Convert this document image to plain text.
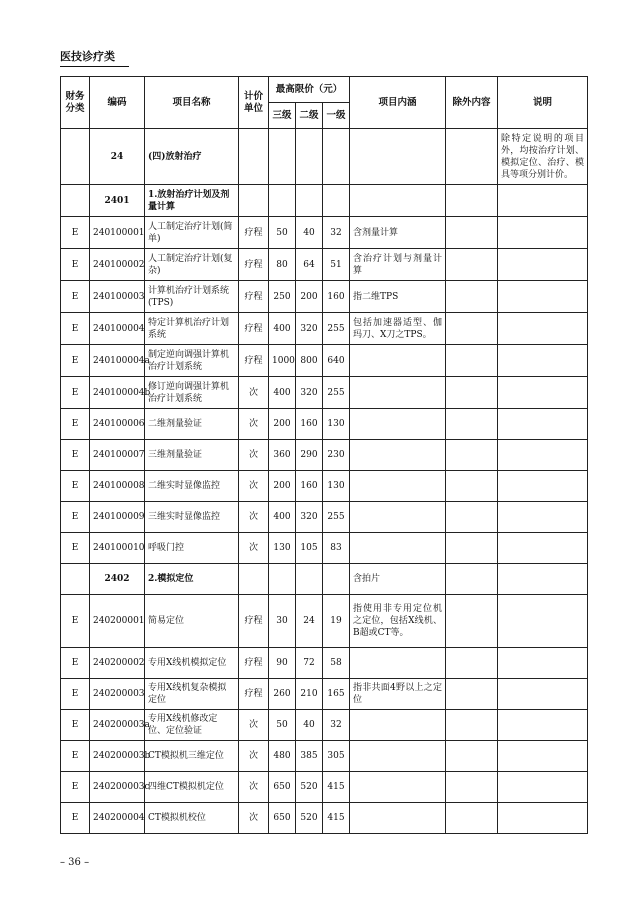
医技诊疗类
财务分类	编码	项目名称	计价单位	最高限价（元）			项目内涵	除外内容	说明
				三级	二级	一级			
	24	(四)放射治疗							除特定说明的项目外，均按治疗计划、模拟定位、治疗、模具等项分别计价。
	2401	1.放射治疗计划及剂量计算							
E	240100001	人工制定治疗计划(简单)	疗程	50	40	32	含剂量计算		
E	240100002	人工制定治疗计划(复杂)	疗程	80	64	51	含治疗计划与剂量计算		
E	240100003	计算机治疗计划系统(TPS)	疗程	250	200	160	指二维TPS		
E	240100004	特定计算机治疗计划系统	疗程	400	320	255	包括加速器适型、伽玛刀、X刀之TPS。		
E	240100004a	制定逆向调强计算机治疗计划系统	疗程	1000	800	640			
E	240100004b	修订逆向调强计算机治疗计划系统	次	400	320	255			
E	240100006	二维剂量验证	次	200	160	130			
E	240100007	三维剂量验证	次	360	290	230			
E	240100008	二维实时显像监控	次	200	160	130			
E	240100009	三维实时显像监控	次	400	320	255			
E	240100010	呼吸门控	次	130	105	83			
	2402	2.模拟定位					含拍片		
E	240200001	简易定位	疗程	30	24	19	指使用非专用定位机之定位，包括X线机、B超或CT等。		
E	240200002	专用X线机模拟定位	疗程	90	72	58			
E	240200003	专用X线机复杂模拟定位	疗程	260	210	165	指非共面4野以上之定位		
E	240200003a	专用X线机修改定位、定位验证	次	50	40	32			
E	240200003b	CT模拟机三维定位	次	480	385	305			
E	240200003c	四维CT模拟机定位	次	650	520	415			
E	240200004	CT模拟机校位	次	650	520	415			
– 36 –
